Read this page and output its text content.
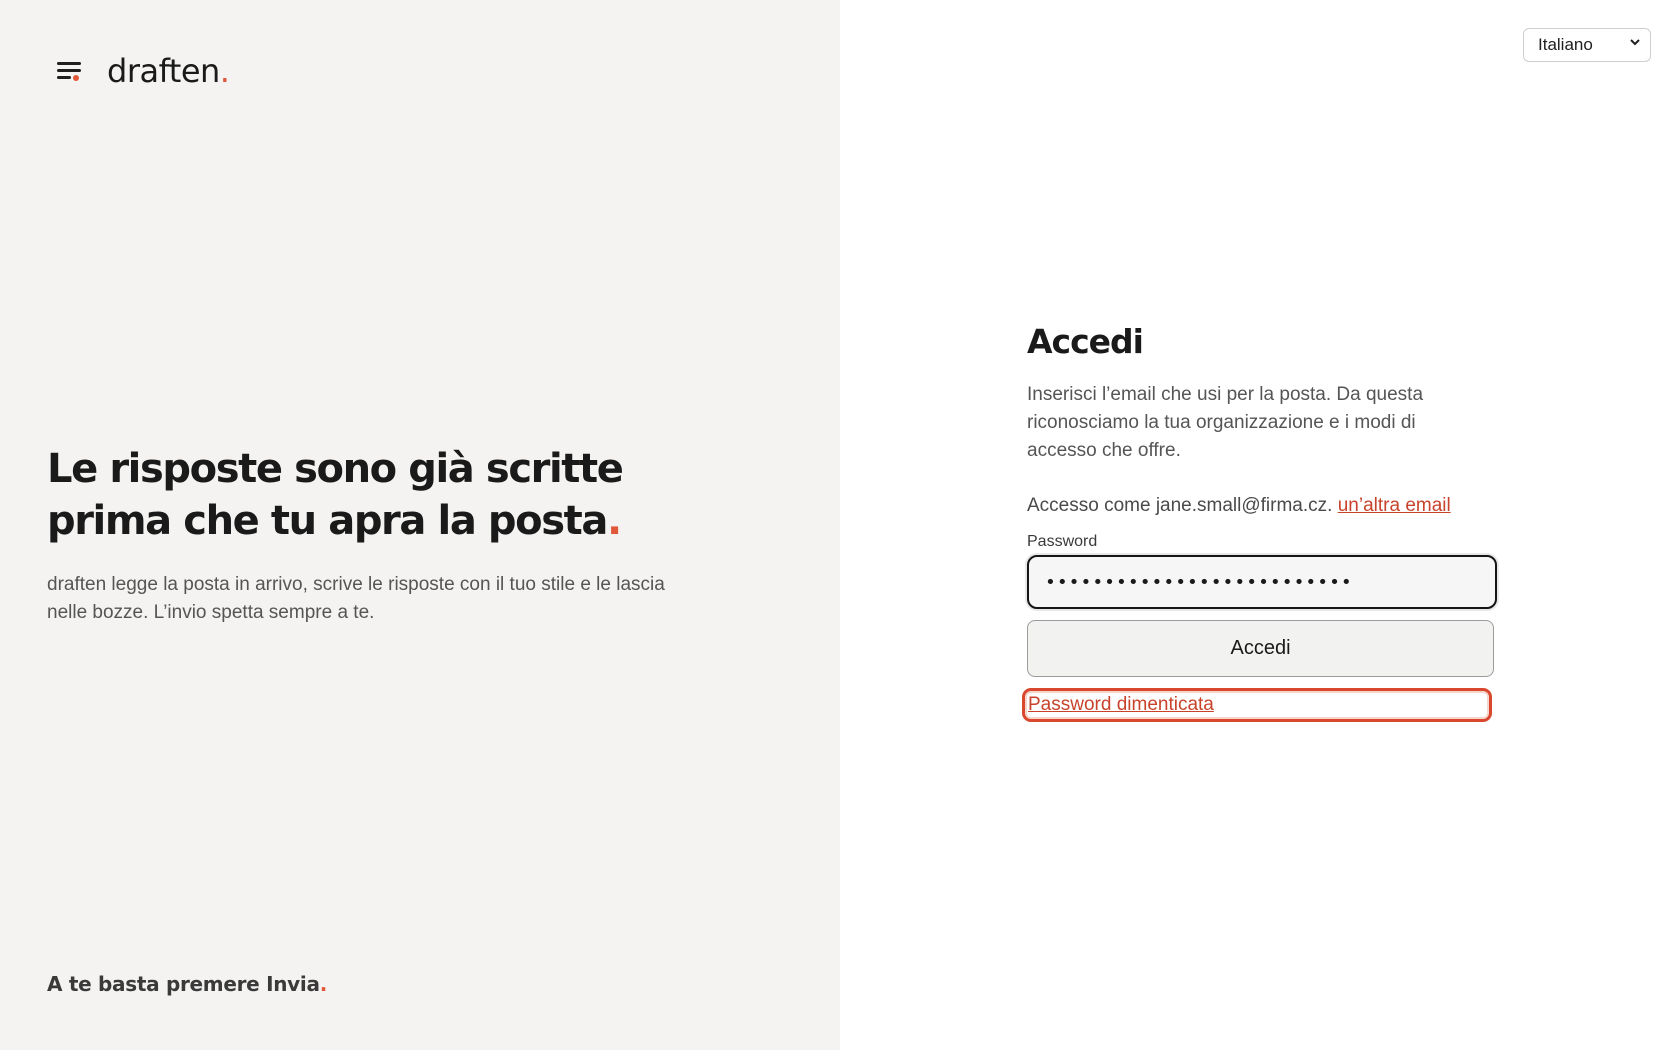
draften.
Le risposte sono già scritte prima che tu apra la posta.

draften legge la posta in arrivo, scrive le risposte con il tuo stile e le lascia nelle bozze. L’invio spetta sempre a te.

A te basta premere Invia.
Italiano
Accedi

Inserisci l’email che usi per la posta. Da questa riconosciamo la tua organizzazione e i modi di accesso che offre.

Accesso come jane.small@firma.cz. un’altra email

Password
••••••••••••••••••••••••••
Accedi
Password dimenticata
